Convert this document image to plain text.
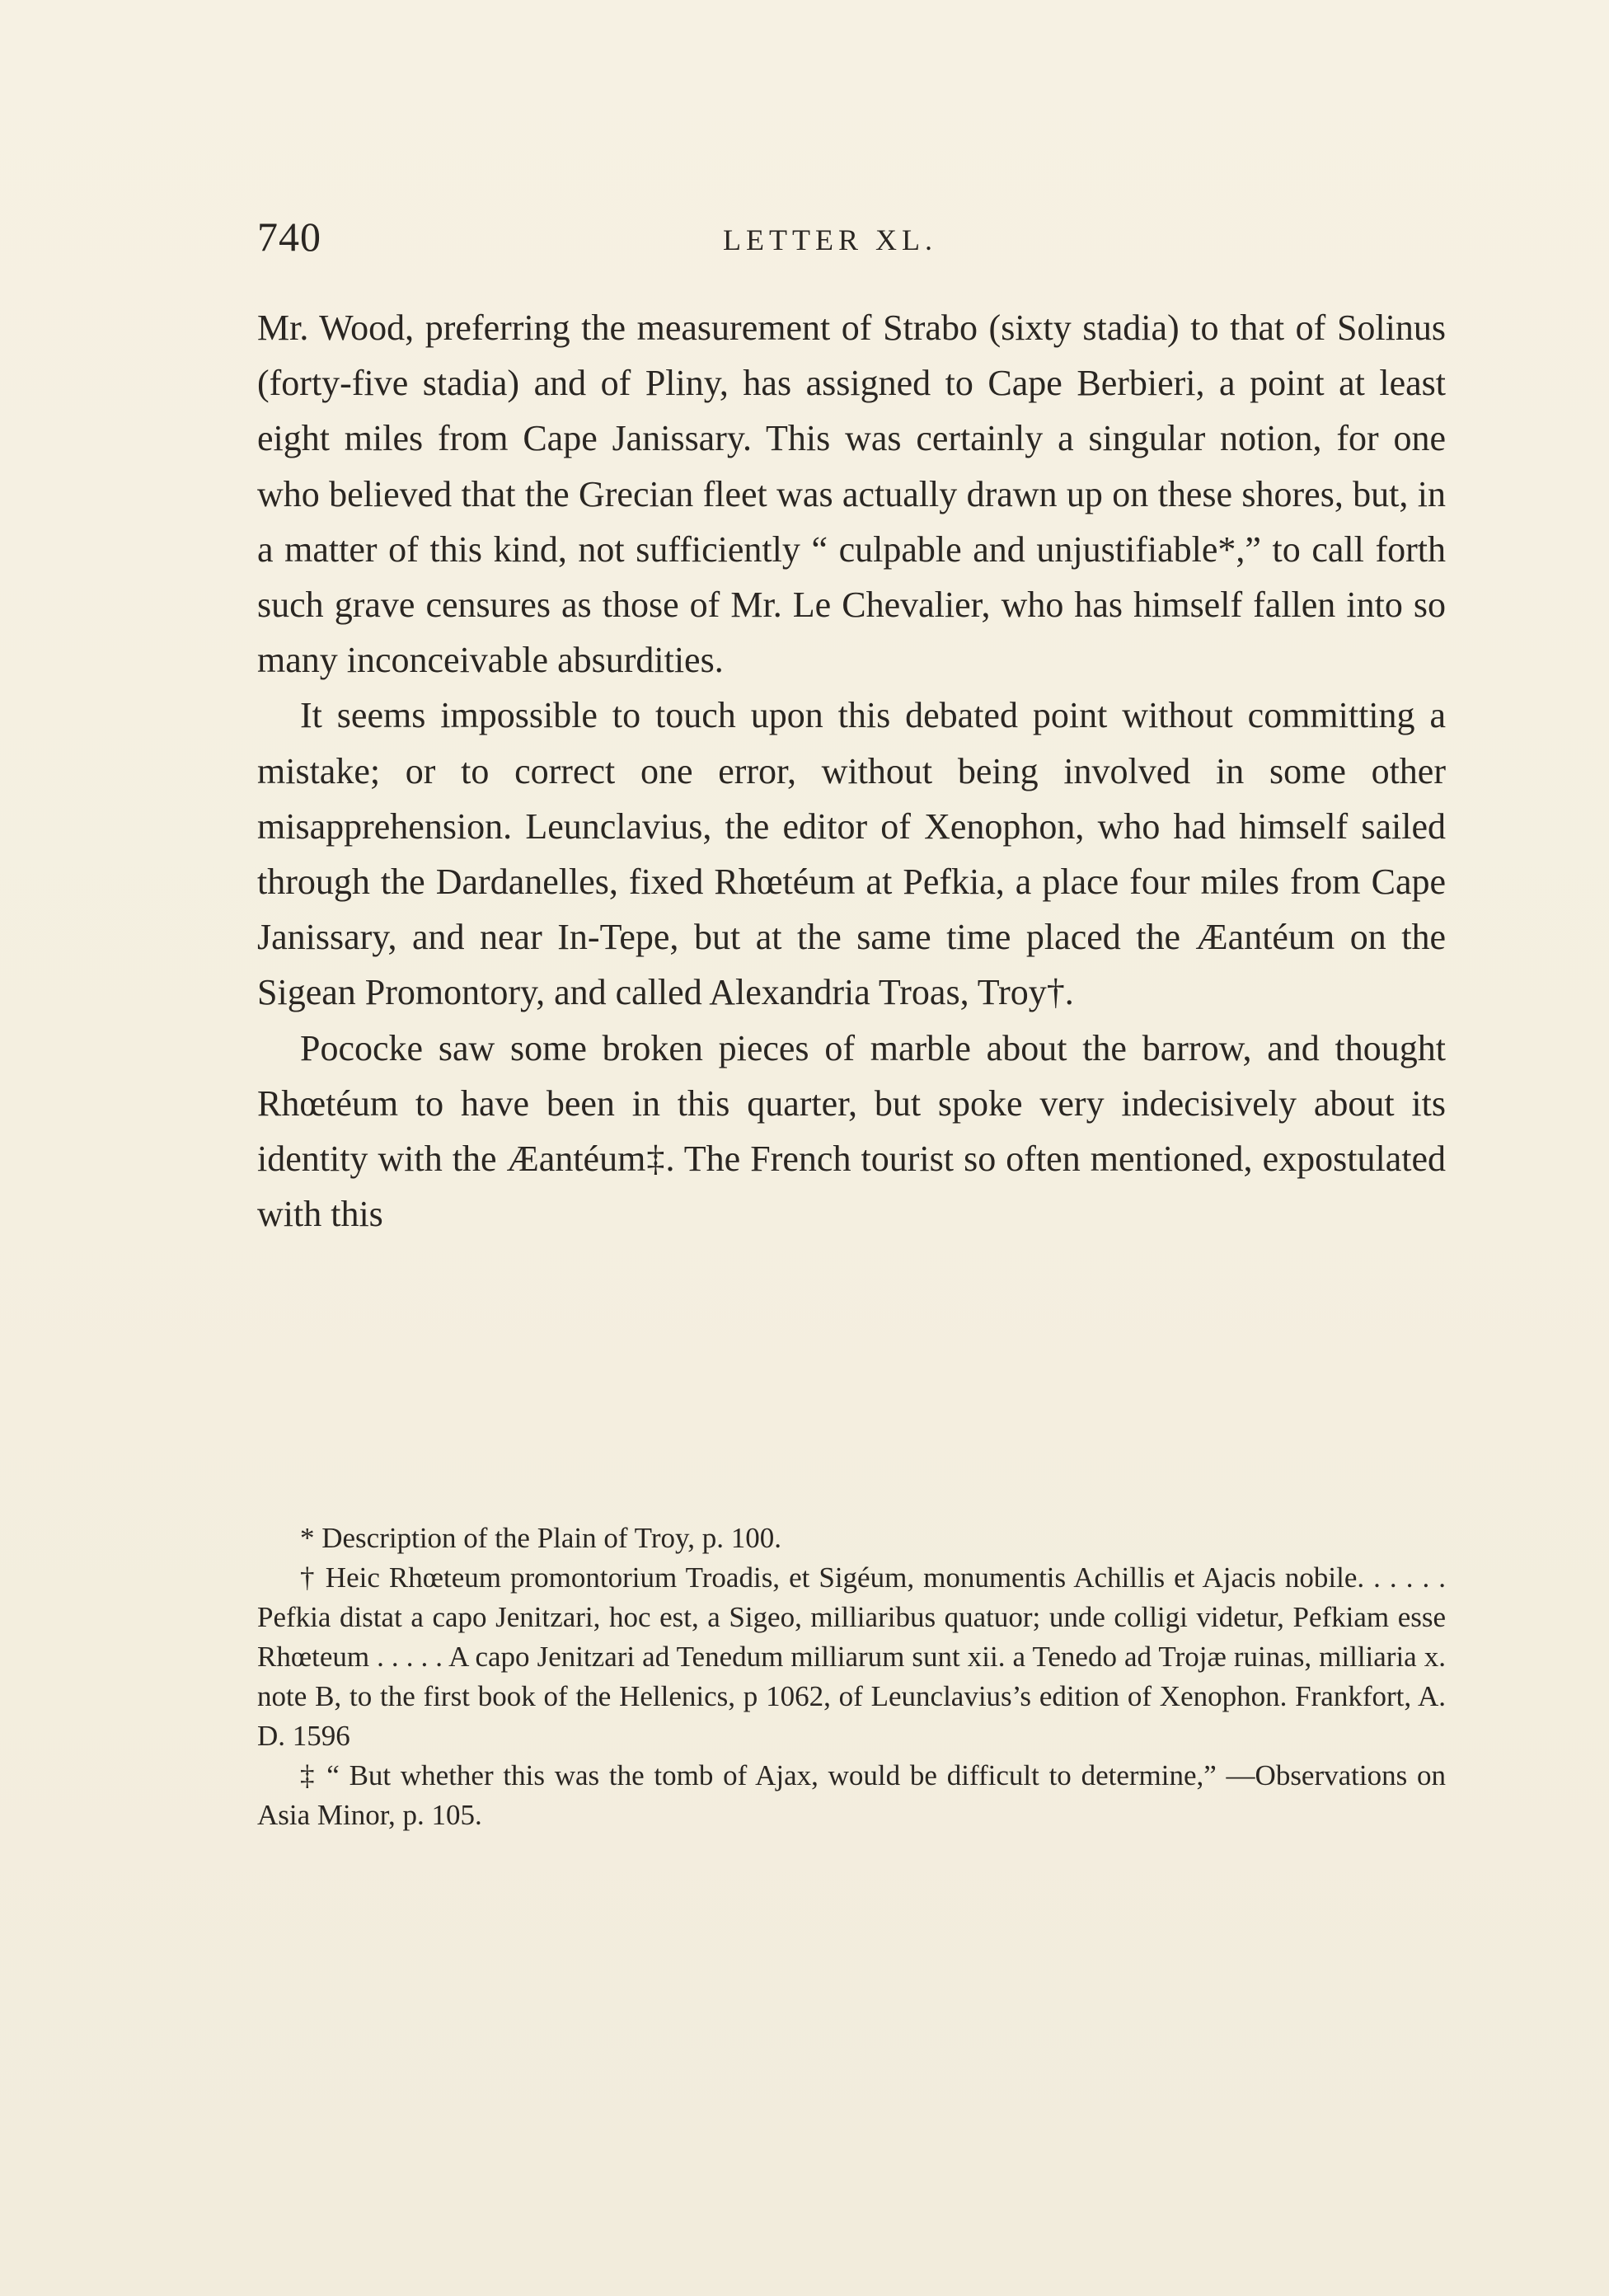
740	LETTER XL.

Mr. Wood, preferring the measurement of Strabo (sixty stadia) to that of Solinus (forty-five stadia) and of Pliny, has assigned to Cape Berbieri, a point at least eight miles from Cape Janissary. This was certainly a singular notion, for one who believed that the Grecian fleet was actually drawn up on these shores, but, in a matter of this kind, not sufficiently “ culpable and unjustifiable*,” to call forth such grave censures as those of Mr. Le Chevalier, who has himself fallen into so many inconceivable absurdities.

It seems impossible to touch upon this debated point without committing a mistake; or to correct one error, without being involved in some other misapprehension. Leunclavius, the editor of Xenophon, who had himself sailed through the Dardanelles, fixed Rhœtéum at Pefkia, a place four miles from Cape Janissary, and near In-Tepe, but at the same time placed the Æantéum on the Sigean Promontory, and called Alexandria Troas, Troy†.

Pococke saw some broken pieces of marble about the barrow, and thought Rhœtéum to have been in this quarter, but spoke very indecisively about its identity with the Æantéum‡. The French tourist so often mentioned, expostulated with this

* Description of the Plain of Troy, p. 100.

† Heic Rhœteum promontorium Troadis, et Sigéum, monumentis Achillis et Ajacis nobile. . . . . . Pefkia distat a capo Jenitzari, hoc est, a Sigeo, milliaribus quatuor; unde colligi videtur, Pefkiam esse Rhœteum . . . . . A capo Jenitzari ad Tenedum milliarum sunt xii. a Tenedo ad Trojæ ruinas, milliaria x. note B, to the first book of the Hellenics, p 1062, of Leunclavius’s edition of Xenophon. Frankfort, A. D. 1596

‡ “ But whether this was the tomb of Ajax, would be difficult to determine,” —Observations on Asia Minor, p. 105.
